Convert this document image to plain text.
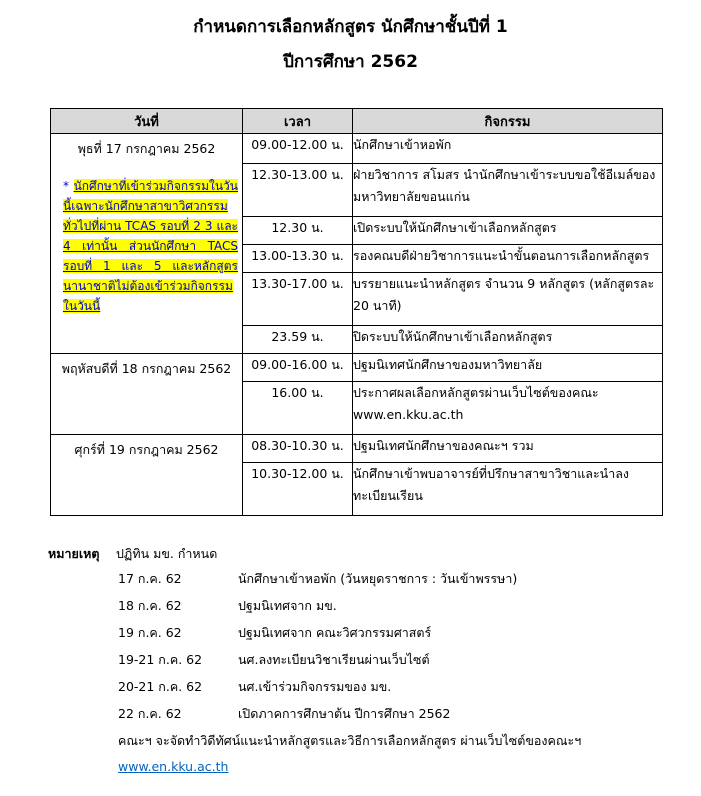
กำหนดการเลือกหลักสูตร นักศึกษาชั้นปีที่ 1
ปีการศึกษา 2562
วันที่	เวลา	กิจกรรม

พุธที่ 17 กรกฎาคม 2562
* นักศึกษาที่เข้าร่วมกิจกรรมในวันนี้เฉพาะนักศึกษาสาขาวิศวกรรมทั่วไปที่ผ่าน TCAS รอบที่ 2 3 และ 4 เท่านั้น ส่วนนักศึกษา TACS รอบที่ 1 และ 5 และหลักสูตรนานาชาติไม่ต้องเข้าร่วมกิจกรรมในวันนี้	09.00-12.00 น.	นักศึกษาเข้าหอพัก
	12.30-13.00 น.	ฝ่ายวิชาการ สโมสร นำนักศึกษาเข้าระบบขอใช้อีเมล์ของมหาวิทยาลัยขอนแก่น
	12.30 น.	เปิดระบบให้นักศึกษาเข้าเลือกหลักสูตร
	13.00-13.30 น.	รองคณบดีฝ่ายวิชาการแนะนำขั้นตอนการเลือกหลักสูตร
	13.30-17.00 น.	บรรยายแนะนำหลักสูตร จำนวน 9 หลักสูตร (หลักสูตรละ 20 นาที)
	23.59 น.	ปิดระบบให้นักศึกษาเข้าเลือกหลักสูตร

พฤหัสบดีที่ 18 กรกฎาคม 2562	09.00-16.00 น.	ปฐมนิเทศนักศึกษาของมหาวิทยาลัย
	16.00 น.	ประกาศผลเลือกหลักสูตรผ่านเว็บไซต์ของคณะ www.en.kku.ac.th

ศุกร์ที่ 19 กรกฎาคม 2562	08.30-10.30 น.	ปฐมนิเทศนักศึกษาของคณะฯ รวม
	10.30-12.00 น.	นักศึกษาเข้าพบอาจารย์ที่ปรึกษาสาขาวิชาและนำลงทะเบียนเรียน
หมายเหตุ ปฏิทิน มข. กำหนด
17 ก.ค. 62	นักศึกษาเข้าหอพัก (วันหยุดราชการ : วันเข้าพรรษา)
18 ก.ค. 62	ปฐมนิเทศจาก มข.
19 ก.ค. 62	ปฐมนิเทศจาก คณะวิศวกรรมศาสตร์
19-21 ก.ค. 62	นศ.ลงทะเบียนวิชาเรียนผ่านเว็บไซต์
20-21 ก.ค. 62	นศ.เข้าร่วมกิจกรรมของ มข.
22 ก.ค. 62	เปิดภาคการศึกษาต้น ปีการศึกษา 2562
คณะฯ จะจัดทำวิดีทัศน์แนะนำหลักสูตรและวิธีการเลือกหลักสูตร ผ่านเว็บไซต์ของคณะฯ
www.en.kku.ac.th
